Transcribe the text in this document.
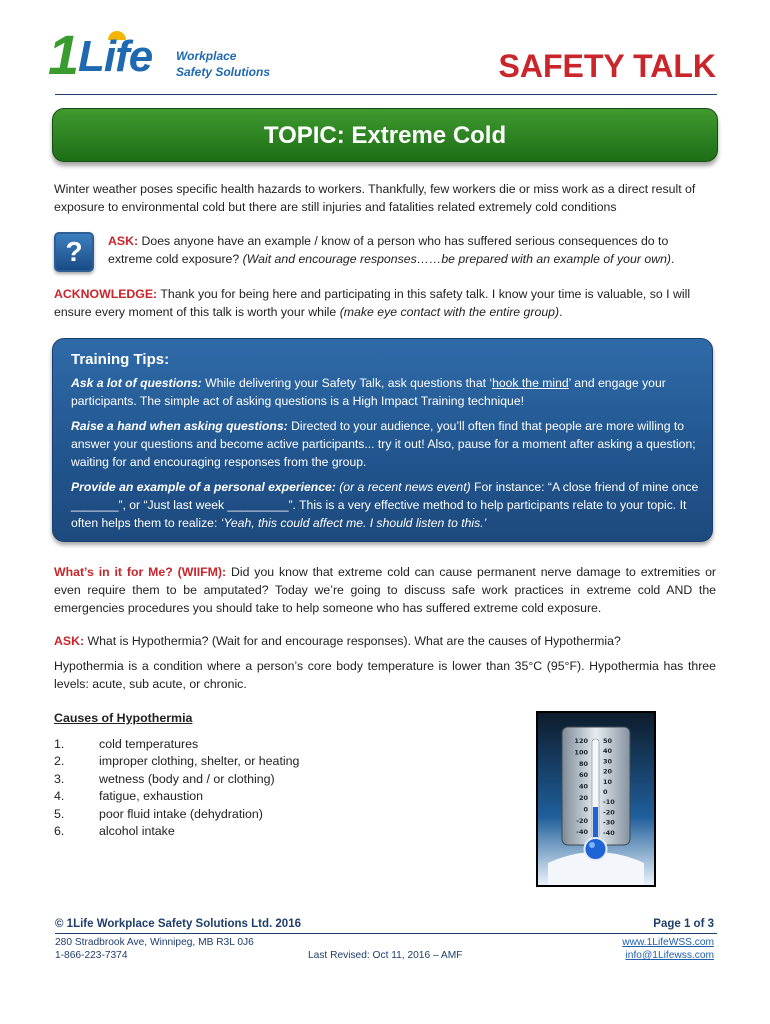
1 Life Workplace
Safety Solutions	SAFETY TALK
TOPIC: Extreme Cold

Winter weather poses specific health hazards to workers. Thankfully, few workers die or miss work as a direct result of exposure to environmental cold but there are still injuries and fatalities related extremely cold conditions

?	ASK: Does anyone have an example / know of a person who has suffered serious consequences do to extreme cold exposure? (Wait and encourage responses……be prepared with an example of your own).

ACKNOWLEDGE: Thank you for being here and participating in this safety talk. I know your time is valuable, so I will ensure every moment of this talk is worth your while (make eye contact with the entire group).

Training Tips:

Ask a lot of questions: While delivering your Safety Talk, ask questions that ‘hook the mind’ and engage your participants. The simple act of asking questions is a High Impact Training technique!

Raise a hand when asking questions: Directed to your audience, you’ll often find that people are more willing to answer your questions and become active participants... try it out! Also, pause for a moment after asking a question; waiting for and encouraging responses from the group.

Provide an example of a personal experience: (or a recent news event) For instance: “A close friend of mine once _______”, or “Just last week _________”. This is a very effective method to help participants relate to your topic. It often helps them to realize: ‘Yeah, this could affect me. I should listen to this.’

What’s in it for Me? (WIIFM): Did you know that extreme cold can cause permanent nerve damage to extremities or even require them to be amputated? Today we’re going to discuss safe work practices in extreme cold AND the emergencies procedures you should take to help someone who has suffered extreme cold exposure.

ASK: What is Hypothermia? (Wait for and encourage responses). What are the causes of Hypothermia?

Hypothermia is a condition where a person’s core body temperature is lower than 35°C (95°F). Hypothermia has three levels: acute, sub acute, or chronic.

Causes of Hypothermia
1.	cold temperatures
2.	improper clothing, shelter, or heating
3.	wetness (body and / or clothing)
4.	fatigue, exhaustion
5.	poor fluid intake (dehydration)
6.	alcohol intake
120
100
80
60
40
20
0
-20
-40
50
40
30
20
10
0
-10
-20
-30
-40
© 1Life Workplace Safety Solutions Ltd. 2016	Page 1 of 3
280 Stradbrook Ave, Winnipeg, MB R3L 0J6
1-866-223-7374	Last Revised: Oct 11, 2016 – AMF
www.1LifeWSS.com
info@1Lifewss.com
